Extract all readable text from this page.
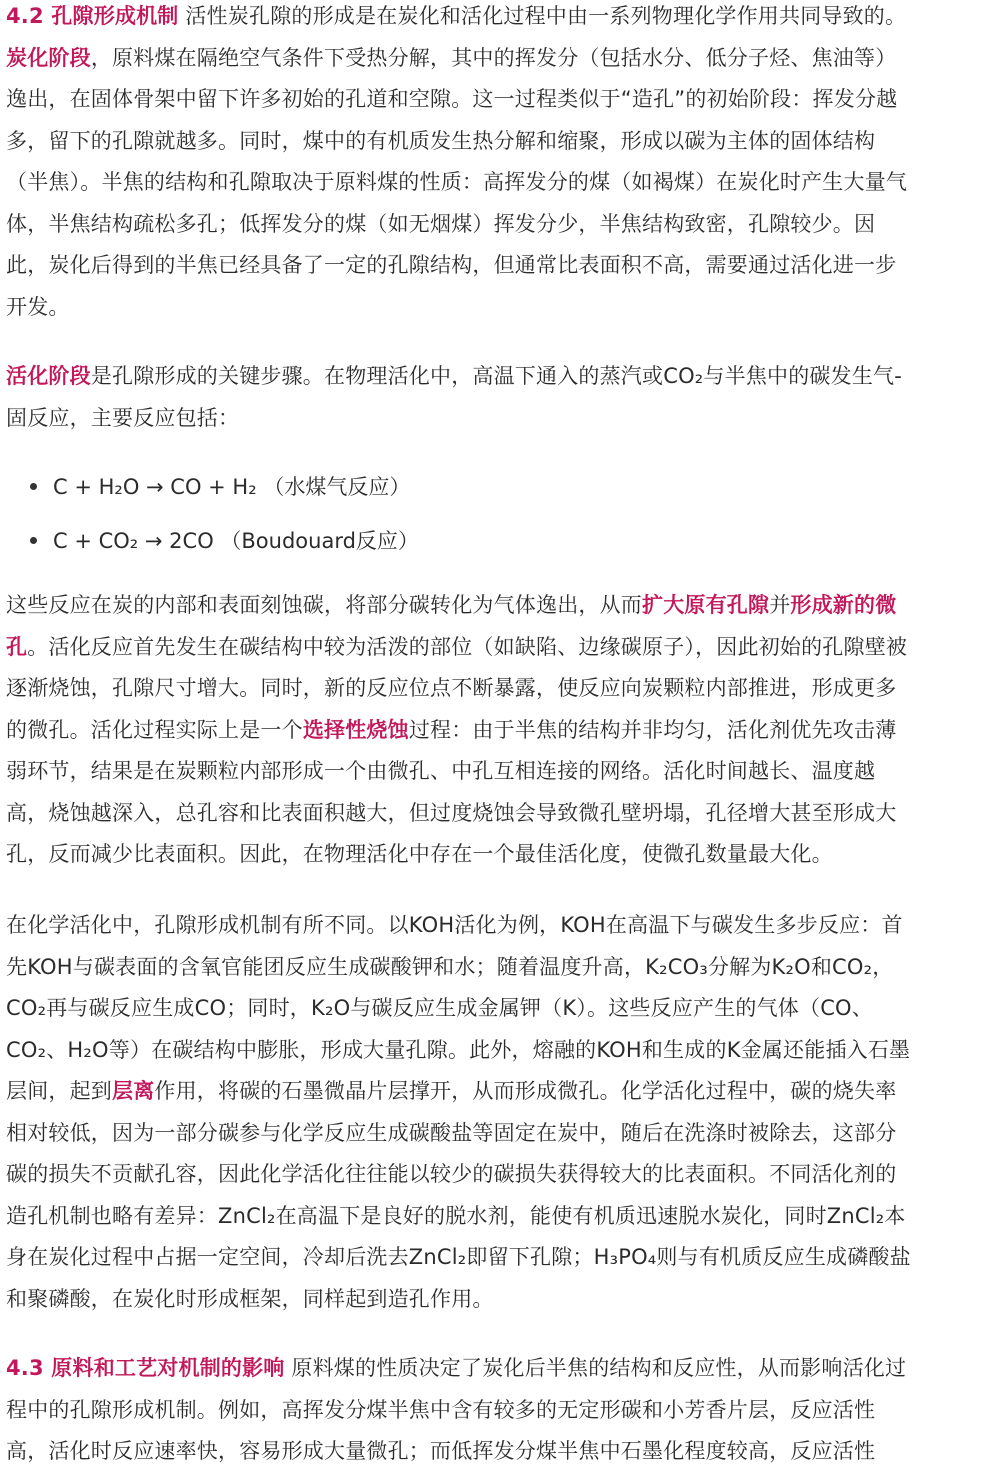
4.2 孔隙形成机制 活性炭孔隙的形成是在炭化和活化过程中由一系列物理化学作用共同导致的。
炭化阶段，原料煤在隔绝空气条件下受热分解，其中的挥发分（包括水分、低分子烃、焦油等）
逸出，在固体骨架中留下许多初始的孔道和空隙。这一过程类似于“造孔”的初始阶段：挥发分越
多，留下的孔隙就越多。同时，煤中的有机质发生热分解和缩聚，形成以碳为主体的固体结构
（半焦）。半焦的结构和孔隙取决于原料煤的性质：高挥发分的煤（如褐煤）在炭化时产生大量气
体，半焦结构疏松多孔；低挥发分的煤（如无烟煤）挥发分少，半焦结构致密，孔隙较少。因
此，炭化后得到的半焦已经具备了一定的孔隙结构，但通常比表面积不高，需要通过活化进一步
开发。
活化阶段是孔隙形成的关键步骤。在物理活化中，高温下通入的蒸汽或CO₂与半焦中的碳发生气-
固反应，主要反应包括：
C + H₂O → CO + H₂ （水煤气反应）
C + CO₂ → 2CO （Boudouard反应）
这些反应在炭的内部和表面刻蚀碳，将部分碳转化为气体逸出，从而扩大原有孔隙并形成新的微
孔。活化反应首先发生在碳结构中较为活泼的部位（如缺陷、边缘碳原子），因此初始的孔隙壁被
逐渐烧蚀，孔隙尺寸增大。同时，新的反应位点不断暴露，使反应向炭颗粒内部推进，形成更多
的微孔。活化过程实际上是一个选择性烧蚀过程：由于半焦的结构并非均匀，活化剂优先攻击薄
弱环节，结果是在炭颗粒内部形成一个由微孔、中孔互相连接的网络。活化时间越长、温度越
高，烧蚀越深入，总孔容和比表面积越大，但过度烧蚀会导致微孔壁坍塌，孔径增大甚至形成大
孔，反而减少比表面积。因此，在物理活化中存在一个最佳活化度，使微孔数量最大化。
在化学活化中，孔隙形成机制有所不同。以KOH活化为例，KOH在高温下与碳发生多步反应：首
先KOH与碳表面的含氧官能团反应生成碳酸钾和水；随着温度升高，K₂CO₃分解为K₂O和CO₂，
CO₂再与碳反应生成CO；同时，K₂O与碳反应生成金属钾（K）。这些反应产生的气体（CO、
CO₂、H₂O等）在碳结构中膨胀，形成大量孔隙。此外，熔融的KOH和生成的K金属还能插入石墨
层间，起到层离作用，将碳的石墨微晶片层撑开，从而形成微孔。化学活化过程中，碳的烧失率
相对较低，因为一部分碳参与化学反应生成碳酸盐等固定在炭中，随后在洗涤时被除去，这部分
碳的损失不贡献孔容，因此化学活化往往能以较少的碳损失获得较大的比表面积。不同活化剂的
造孔机制也略有差异：ZnCl₂在高温下是良好的脱水剂，能使有机质迅速脱水炭化，同时ZnCl₂本
身在炭化过程中占据一定空间，冷却后洗去ZnCl₂即留下孔隙；H₃PO₄则与有机质反应生成磷酸盐
和聚磷酸，在炭化时形成框架，同样起到造孔作用。
4.3 原料和工艺对机制的影响 原料煤的性质决定了炭化后半焦的结构和反应性，从而影响活化过
程中的孔隙形成机制。例如，高挥发分煤半焦中含有较多的无定形碳和小芳香片层，反应活性
高，活化时反应速率快，容易形成大量微孔；而低挥发分煤半焦中石墨化程度较高，反应活性
